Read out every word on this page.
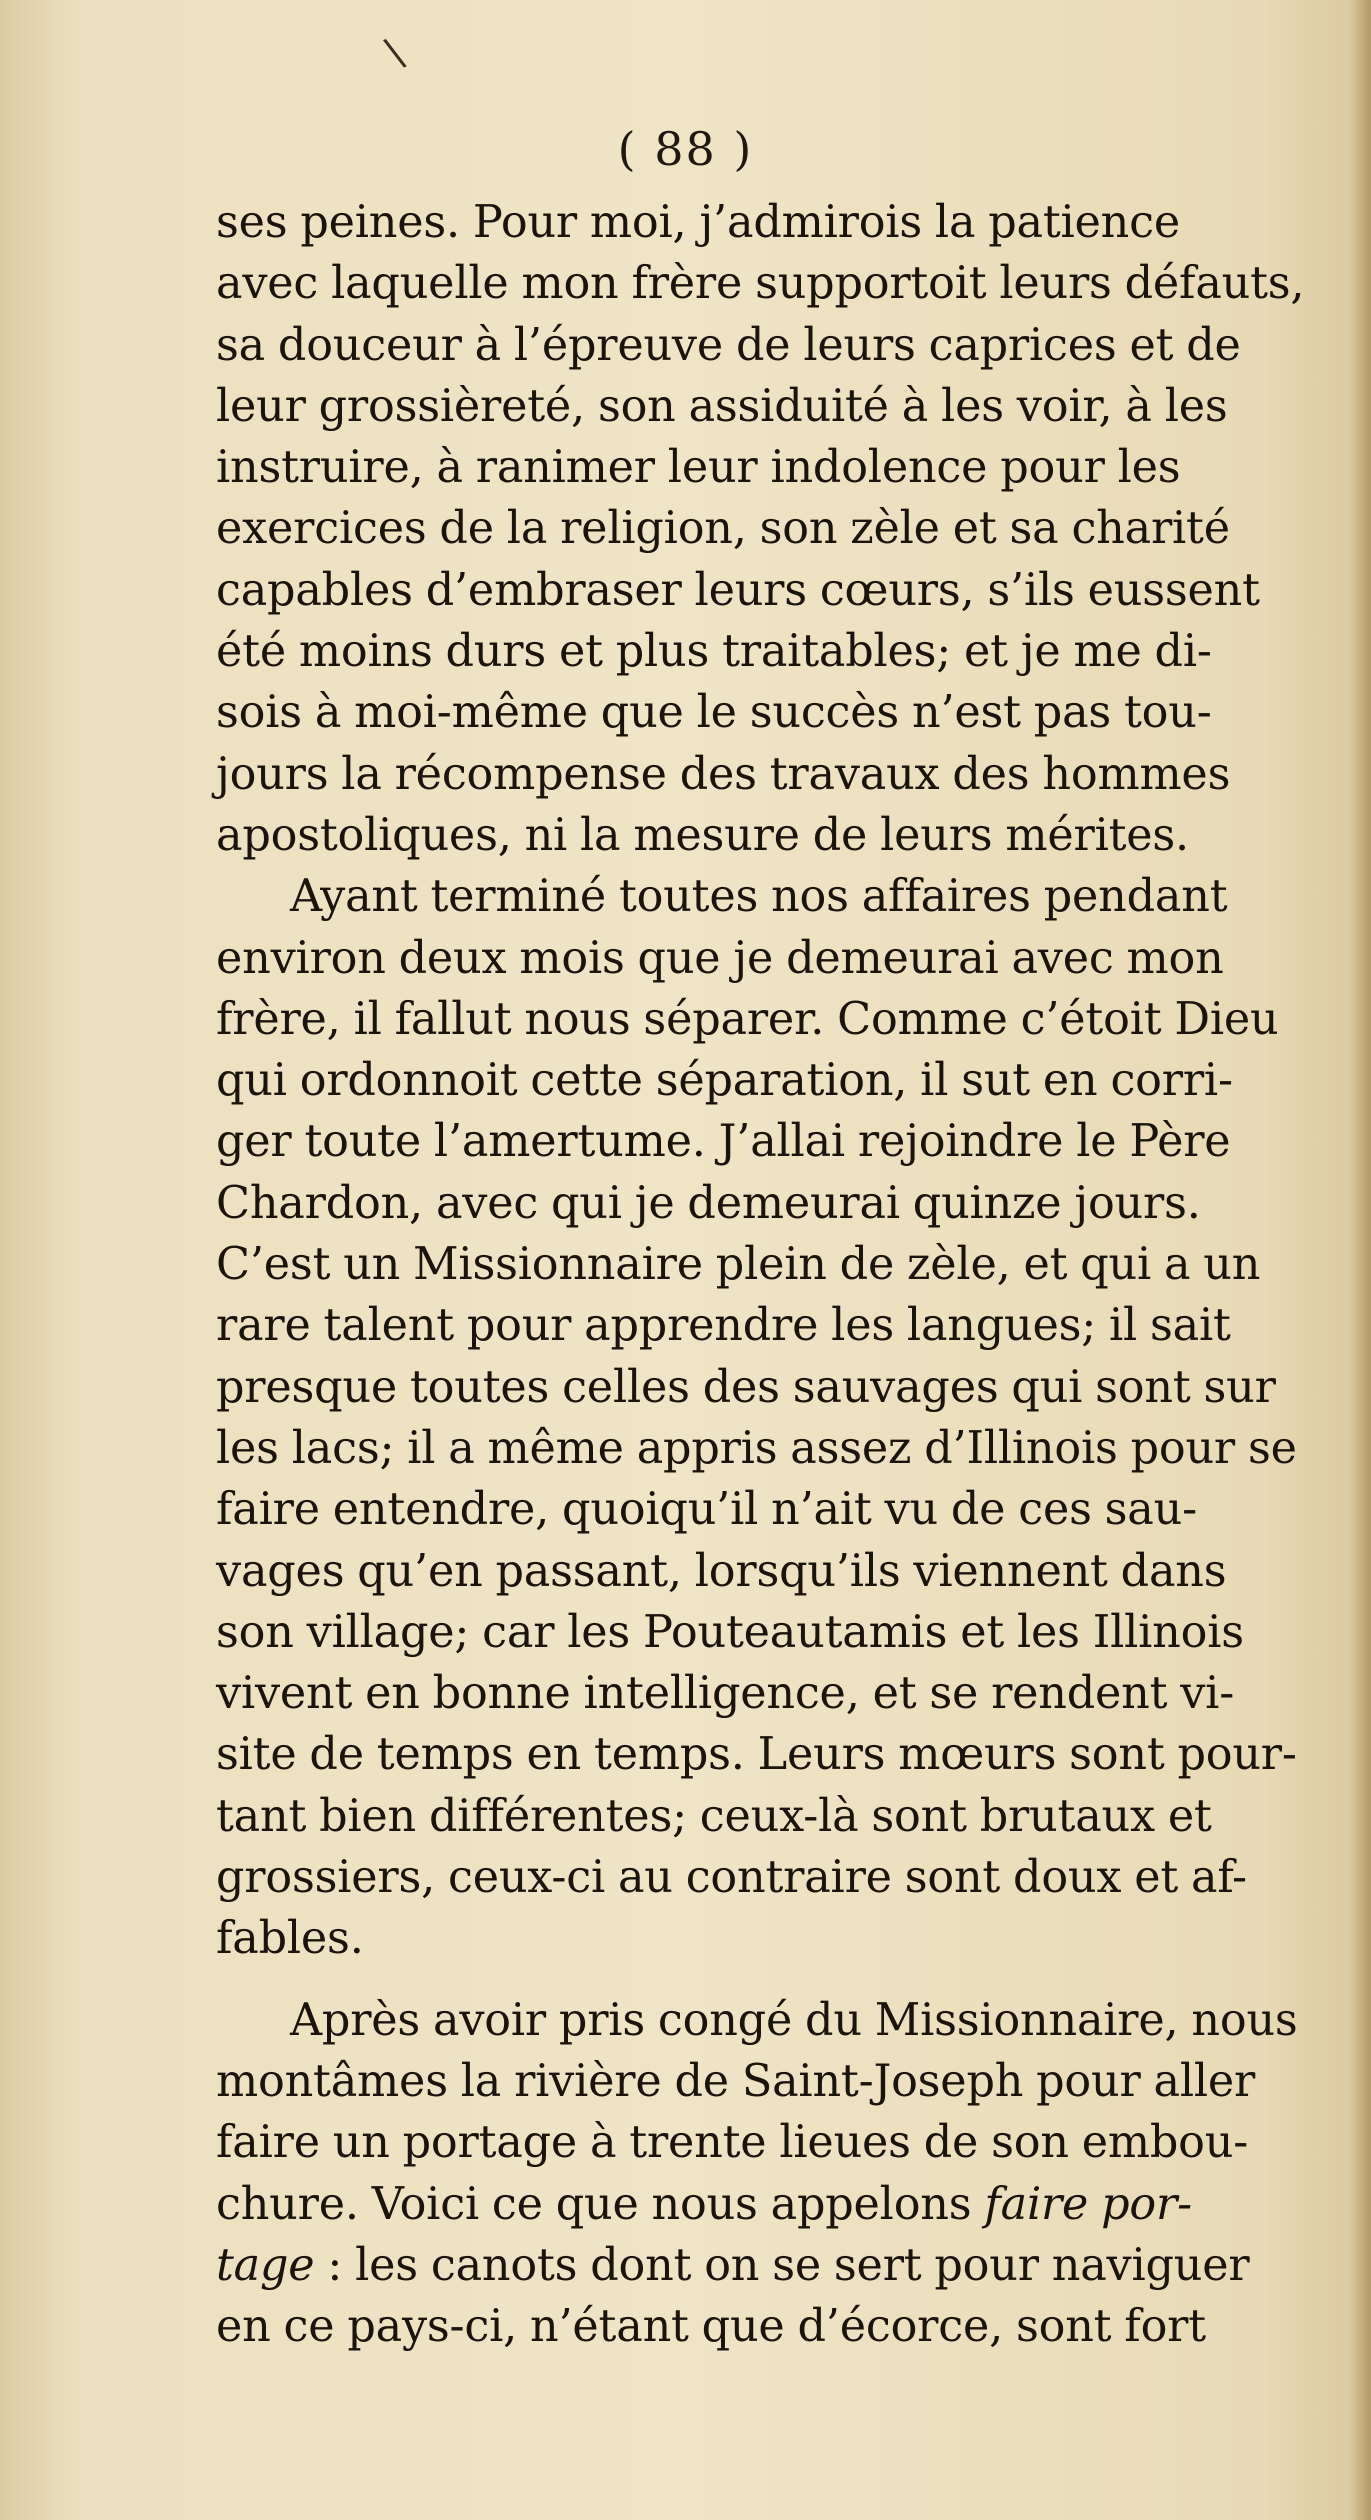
\
( 88 )
ses peines. Pour moi, j’admirois la patience
avec laquelle mon frère supportoit leurs défauts,
sa douceur à l’épreuve de leurs caprices et de
leur grossièreté, son assiduité à les voir, à les
instruire, à ranimer leur indolence pour les
exercices de la religion, son zèle et sa charité
capables d’embraser leurs cœurs, s’ils eussent
été moins durs et plus traitables; et je me di-
sois à moi-même que le succès n’est pas tou-
jours la récompense des travaux des hommes
apostoliques, ni la mesure de leurs mérites.
Ayant terminé toutes nos affaires pendant
environ deux mois que je demeurai avec mon
frère, il fallut nous séparer. Comme c’étoit Dieu
qui ordonnoit cette séparation, il sut en corri-
ger toute l’amertume. J’allai rejoindre le Père
Chardon, avec qui je demeurai quinze jours.
C’est un Missionnaire plein de zèle, et qui a un
rare talent pour apprendre les langues; il sait
presque toutes celles des sauvages qui sont sur
les lacs; il a même appris assez d’Illinois pour se
faire entendre, quoiqu’il n’ait vu de ces sau-
vages qu’en passant, lorsqu’ils viennent dans
son village; car les Pouteautamis et les Illinois
vivent en bonne intelligence, et se rendent vi-
site de temps en temps. Leurs mœurs sont pour-
tant bien différentes; ceux-là sont brutaux et
grossiers, ceux-ci au contraire sont doux et af-
fables.
Après avoir pris congé du Missionnaire, nous
montâmes la rivière de Saint-Joseph pour aller
faire un portage à trente lieues de son embou-
chure. Voici ce que nous appelons faire por-
tage : les canots dont on se sert pour naviguer
en ce pays-ci, n’étant que d’écorce, sont fort
